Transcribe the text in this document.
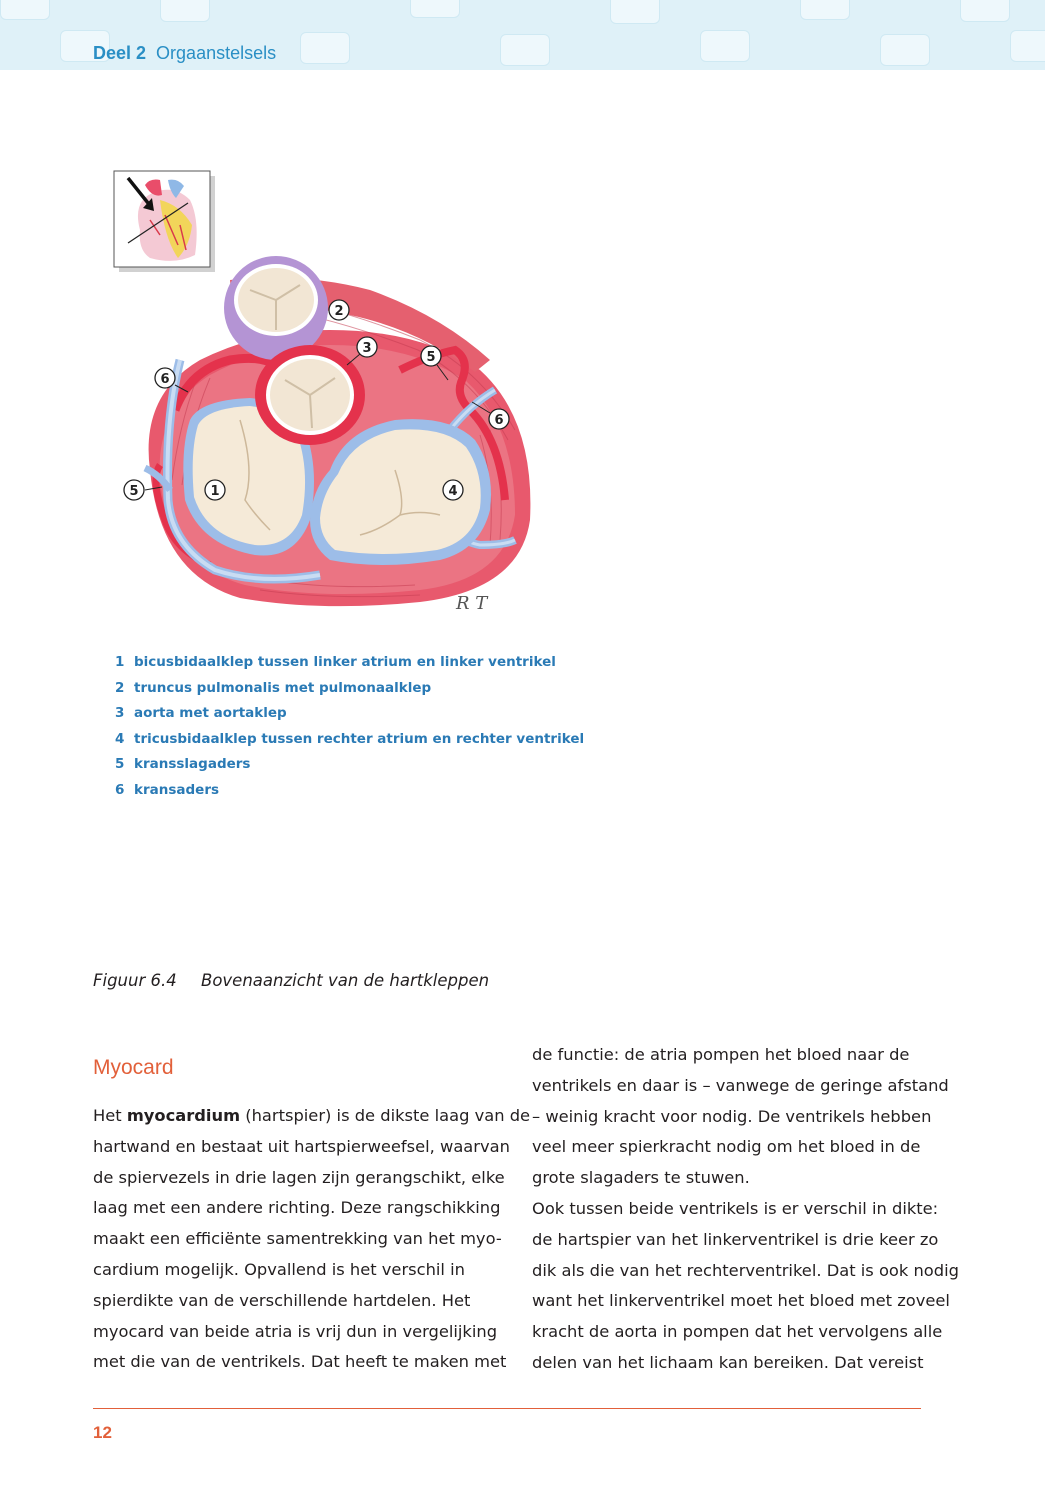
Deel 2 Orgaanstelsels
1
2
3
4
5
5
6
6
RT
1 bicusbidaalklep tussen linker atrium en linker ventrikel
2 truncus pulmonalis met pulmonaalklep
3 aorta met aortaklep
4 tricusbidaalklep tussen rechter atrium en rechter ventrikel
5 kransslagaders
6 kransaders
Figuur 6.4 Bovenaanzicht van de hartkleppen
Myocard
Het myocardium (hartspier) is de dikste laag van de
hartwand en bestaat uit hartspierweefsel, waarvan
de spiervezels in drie lagen zijn gerangschikt, elke
laag met een andere richting. Deze rangschikking
maakt een efficiënte samentrekking van het myo-
cardium mogelijk. Opvallend is het verschil in
spierdikte van de verschillende hartdelen. Het
myocard van beide atria is vrij dun in vergelijking
met die van de ventrikels. Dat heeft te maken met
de functie: de atria pompen het bloed naar de
ventrikels en daar is – vanwege de geringe afstand
– weinig kracht voor nodig. De ventrikels hebben
veel meer spierkracht nodig om het bloed in de
grote slagaders te stuwen.
Ook tussen beide ventrikels is er verschil in dikte:
de hartspier van het linkerventrikel is drie keer zo
dik als die van het rechterventrikel. Dat is ook nodig
want het linkerventrikel moet het bloed met zoveel
kracht de aorta in pompen dat het vervolgens alle
delen van het lichaam kan bereiken. Dat vereist
12
